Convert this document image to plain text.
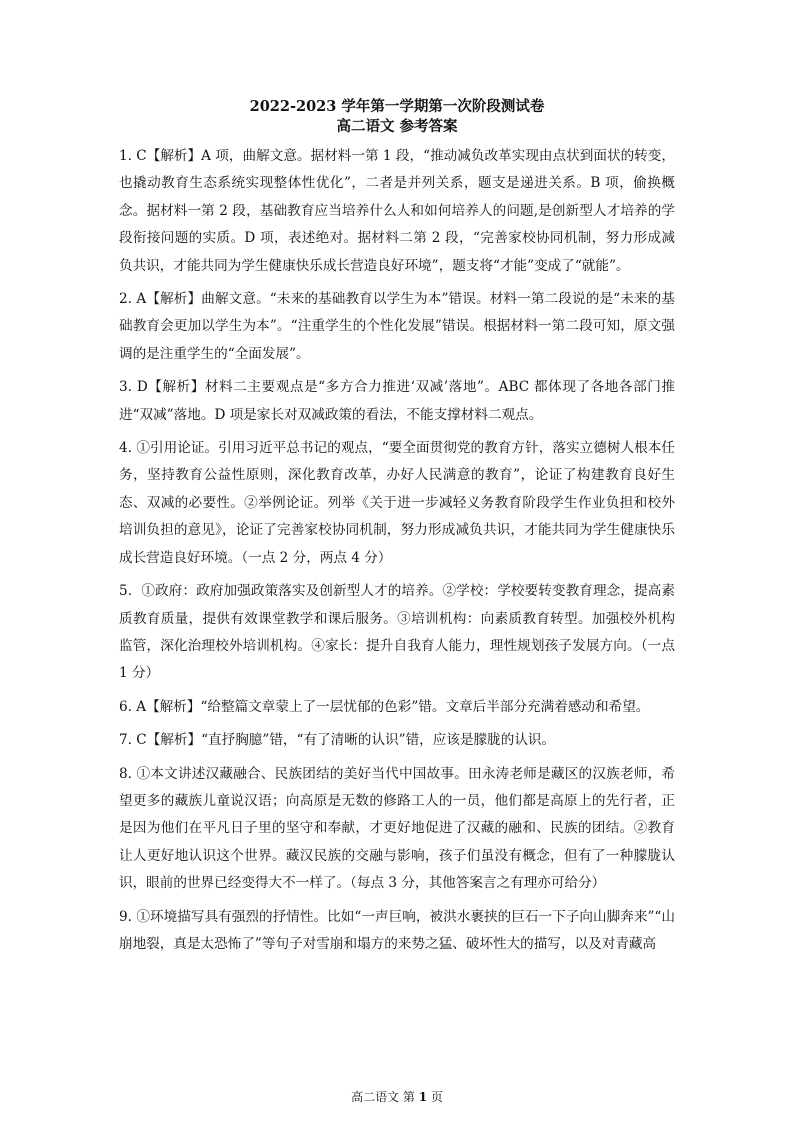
2022-2023 学年第一学期第一次阶段测试卷

高二语文 参考答案

1. C【解析】A 项，曲解文意。据材料一第 1 段，“推动减负改革实现由点状到面状的转变，也撬动教育生态系统实现整体性优化”，二者是并列关系，题支是递进关系。B 项，偷换概念。据材料一第 2 段，基础教育应当培养什么人和如何培养人的问题,是创新型人才培养的学段衔接问题的实质。D 项，表述绝对。据材料二第 2 段，“完善家校协同机制，努力形成减负共识，才能共同为学生健康快乐成长营造良好环境”，题支将“才能”变成了“就能”。

2. A【解析】曲解文意。“未来的基础教育以学生为本”错误。材料一第二段说的是“未来的基础教育会更加以学生为本”。“注重学生的个性化发展”错误。根据材料一第二段可知，原文强调的是注重学生的“全面发展”。

3. D【解析】材料二主要观点是“多方合力推进‘双减’落地”。ABC 都体现了各地各部门推进“双减”落地。D 项是家长对双减政策的看法，不能支撑材料二观点。

4. ①引用论证。引用习近平总书记的观点，“要全面贯彻党的教育方针，落实立德树人根本任务，坚持教育公益性原则，深化教育改革，办好人民满意的教育”，论证了构建教育良好生态、双减的必要性。②举例论证。列举《关于进一步减轻义务教育阶段学生作业负担和校外培训负担的意见》，论证了完善家校协同机制，努力形成减负共识，才能共同为学生健康快乐成长营造良好环境。（一点 2 分，两点 4 分）

5．①政府：政府加强政策落实及创新型人才的培养。②学校：学校要转变教育理念，提高素质教育质量，提供有效课堂教学和课后服务。③培训机构：向素质教育转型。加强校外机构监管，深化治理校外培训机构。④家长：提升自我育人能力，理性规划孩子发展方向。（一点 1 分）

6. A【解析】“给整篇文章蒙上了一层忧郁的色彩”错。文章后半部分充满着感动和希望。

7. C【解析】“直抒胸臆”错，“有了清晰的认识”错，应该是朦胧的认识。

8. ①本文讲述汉藏融合、民族团结的美好当代中国故事。田永涛老师是藏区的汉族老师，希望更多的藏族儿童说汉语；向高原是无数的修路工人的一员，他们都是高原上的先行者，正是因为他们在平凡日子里的坚守和奉献，才更好地促进了汉藏的融和、民族的团结。②教育让人更好地认识这个世界。藏汉民族的交融与影响，孩子们虽没有概念，但有了一种朦胧认识，眼前的世界已经变得大不一样了。（每点 3 分，其他答案言之有理亦可给分）

9. ①环境描写具有强烈的抒情性。比如“一声巨响，被洪水裹挟的巨石一下子向山脚奔来”“山崩地裂，真是太恐怖了”等句子对雪崩和塌方的来势之猛、破坏性大的描写，以及对青藏高

高二语文 第 1 页
